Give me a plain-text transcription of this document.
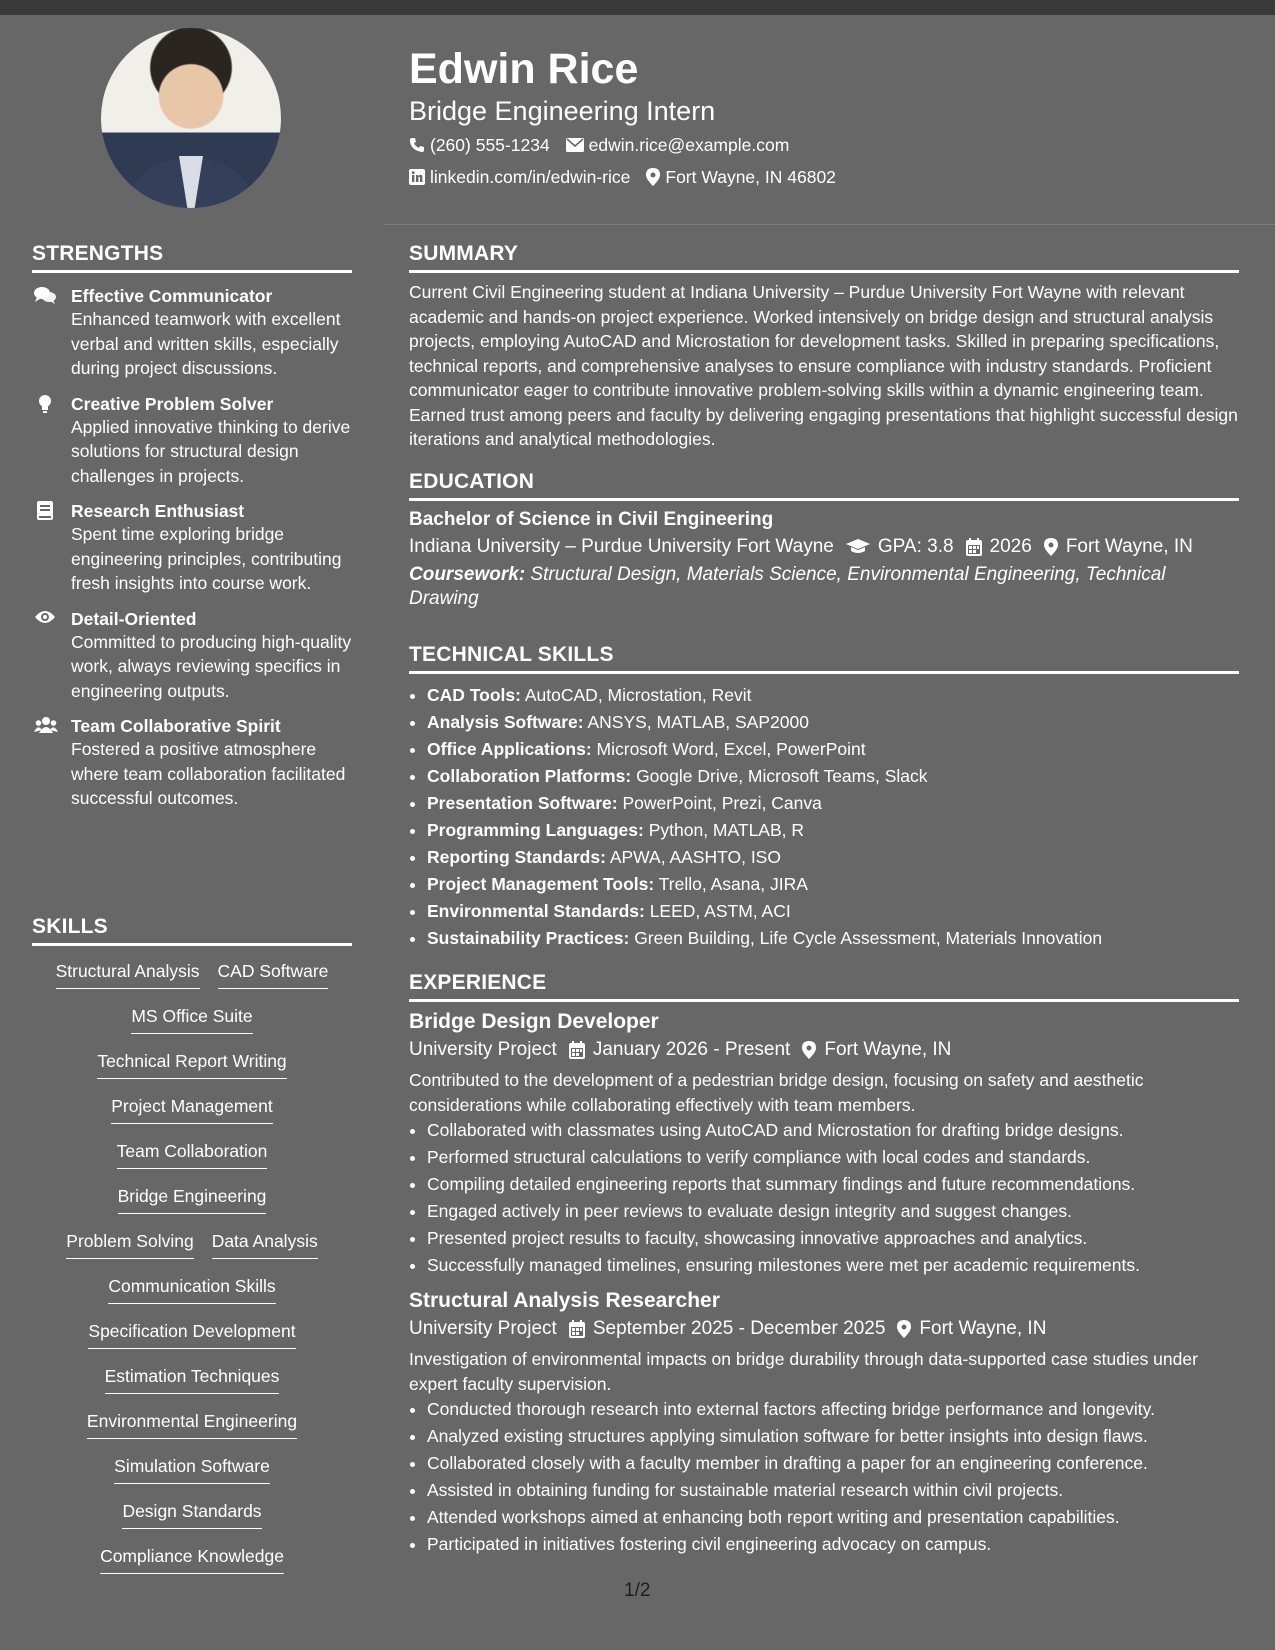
STRENGTHS
Effective Communicator
Enhanced teamwork with excellent verbal and written skills, especially during project discussions.
Creative Problem Solver
Applied innovative thinking to derive solutions for structural design challenges in projects.
Research Enthusiast
Spent time exploring bridge engineering principles, contributing fresh insights into course work.
Detail-Oriented
Committed to producing high-quality work, always reviewing specifics in engineering outputs.
Team Collaborative Spirit
Fostered a positive atmosphere where team collaboration facilitated successful outcomes.
SKILLS
Structural Analysis CAD Software
MS Office Suite
Technical Report Writing
Project Management
Team Collaboration
Bridge Engineering
Problem Solving Data Analysis
Communication Skills
Specification Development
Estimation Techniques
Environmental Engineering
Simulation Software
Design Standards
Compliance Knowledge
Edwin Rice
Bridge Engineering Intern
(260) 555-1234 edwin.rice@example.com
linkedin.com/in/edwin-rice Fort Wayne, IN 46802
SUMMARY
Current Civil Engineering student at Indiana University – Purdue University Fort Wayne with relevant academic and hands-on project experience. Worked intensively on bridge design and structural analysis projects, employing AutoCAD and Microstation for development tasks. Skilled in preparing specifications, technical reports, and comprehensive analyses to ensure compliance with industry standards. Proficient communicator eager to contribute innovative problem-solving skills within a dynamic engineering team. Earned trust among peers and faculty by delivering engaging presentations that highlight successful design iterations and analytical methodologies.
EDUCATION
Bachelor of Science in Civil Engineering
Indiana University – Purdue University Fort Wayne GPA: 3.8 2026 Fort Wayne, IN
Coursework: Structural Design, Materials Science, Environmental Engineering, Technical Drawing
TECHNICAL SKILLS
• CAD Tools: AutoCAD, Microstation, Revit
• Analysis Software: ANSYS, MATLAB, SAP2000
• Office Applications: Microsoft Word, Excel, PowerPoint
• Collaboration Platforms: Google Drive, Microsoft Teams, Slack
• Presentation Software: PowerPoint, Prezi, Canva
• Programming Languages: Python, MATLAB, R
• Reporting Standards: APWA, AASHTO, ISO
• Project Management Tools: Trello, Asana, JIRA
• Environmental Standards: LEED, ASTM, ACI
• Sustainability Practices: Green Building, Life Cycle Assessment, Materials Innovation
EXPERIENCE
Bridge Design Developer
University Project January 2026 - Present Fort Wayne, IN
Contributed to the development of a pedestrian bridge design, focusing on safety and aesthetic considerations while collaborating effectively with team members.
• Collaborated with classmates using AutoCAD and Microstation for drafting bridge designs.
• Performed structural calculations to verify compliance with local codes and standards.
• Compiling detailed engineering reports that summary findings and future recommendations.
• Engaged actively in peer reviews to evaluate design integrity and suggest changes.
• Presented project results to faculty, showcasing innovative approaches and analytics.
• Successfully managed timelines, ensuring milestones were met per academic requirements.
Structural Analysis Researcher
University Project September 2025 - December 2025 Fort Wayne, IN
Investigation of environmental impacts on bridge durability through data-supported case studies under expert faculty supervision.
• Conducted thorough research into external factors affecting bridge performance and longevity.
• Analyzed existing structures applying simulation software for better insights into design flaws.
• Collaborated closely with a faculty member in drafting a paper for an engineering conference.
• Assisted in obtaining funding for sustainable material research within civil projects.
• Attended workshops aimed at enhancing both report writing and presentation capabilities.
• Participated in initiatives fostering civil engineering advocacy on campus.
1/2
